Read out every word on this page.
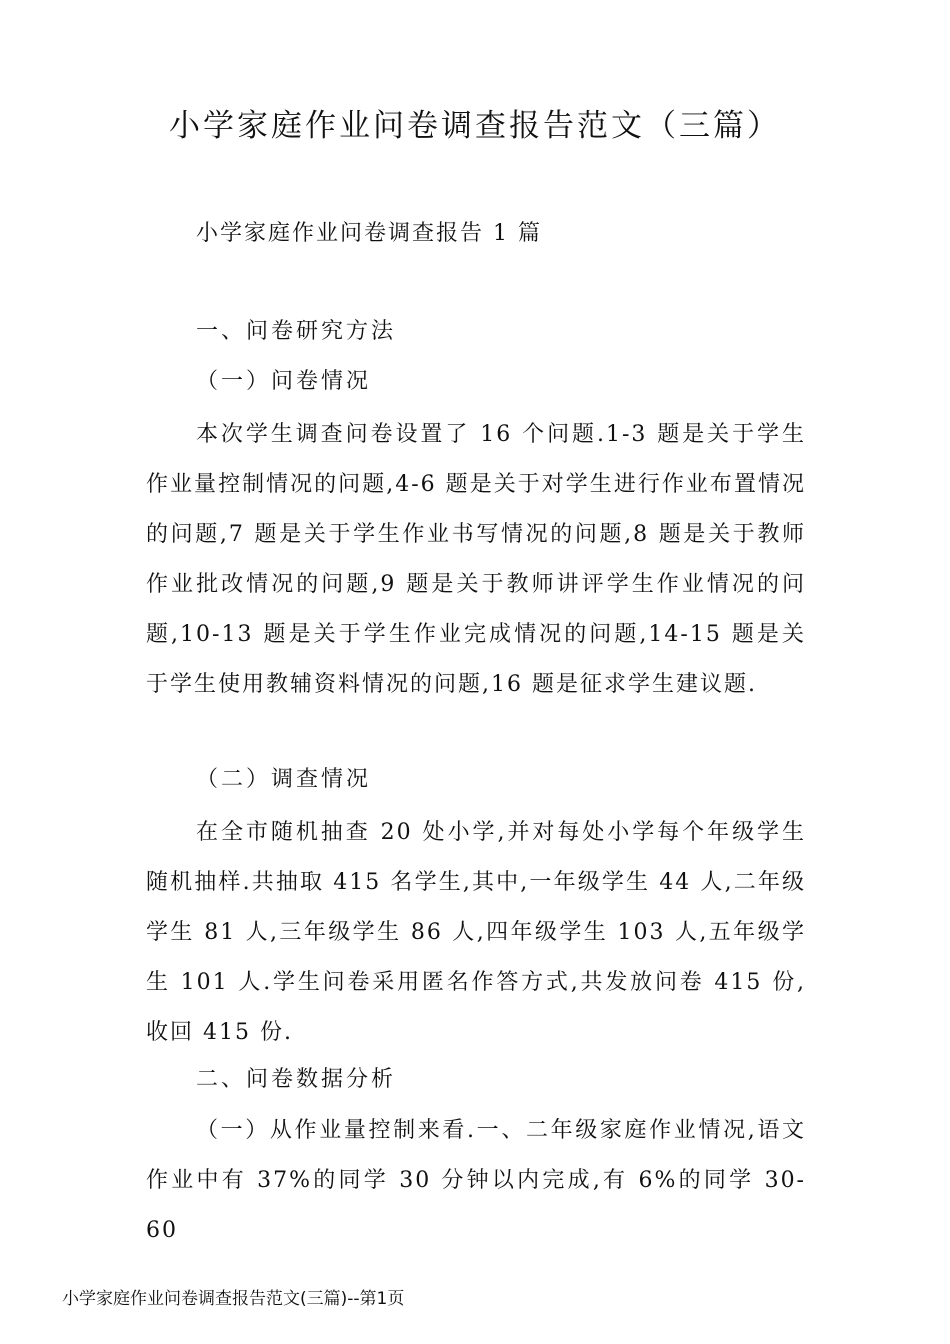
小学家庭作业问卷调查报告范文（三篇）
小学家庭作业问卷调查报告 1 篇
一、问卷研究方法
（一）问卷情况
本次学生调查问卷设置了 16 个问题.1-3 题是关于学生作业量控制情况的问题,4-6 题是关于对学生进行作业布置情况的问题,7 题是关于学生作业书写情况的问题,8 题是关于教师作业批改情况的问题,9 题是关于教师讲评学生作业情况的问题,10-13 题是关于学生作业完成情况的问题,14-15 题是关于学生使用教辅资料情况的问题,16 题是征求学生建议题.
（二）调查情况
在全市随机抽查 20 处小学,并对每处小学每个年级学生随机抽样.共抽取 415 名学生,其中,一年级学生 44 人,二年级学生 81 人,三年级学生 86 人,四年级学生 103 人,五年级学生 101 人.学生问卷采用匿名作答方式,共发放问卷 415 份,收回 415 份.
二、问卷数据分析
（一）从作业量控制来看.一、二年级家庭作业情况,语文作业中有 37%的同学 30 分钟以内完成,有 6%的同学 30-60
小学家庭作业问卷调查报告范文(三篇)--第1页
